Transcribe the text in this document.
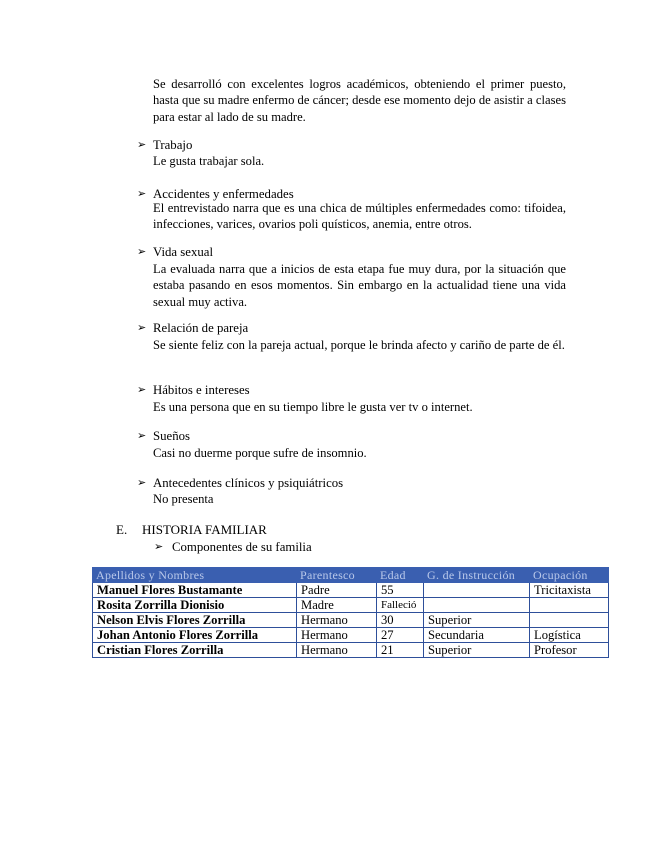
Se desarrolló con excelentes logros académicos, obteniendo el primer puesto, hasta que su madre enfermo de cáncer; desde ese momento dejo de asistir a clases para estar al lado de su madre.
➢ Trabajo
Le gusta trabajar sola.
➢ Accidentes y enfermedades
El entrevistado narra que es una chica de múltiples enfermedades como: tifoidea, infecciones, varices, ovarios poli quísticos, anemia, entre otros.
➢ Vida sexual
La evaluada narra que a inicios de esta etapa fue muy dura, por la situación que estaba pasando en esos momentos. Sin embargo en la actualidad tiene una vida sexual muy activa.
➢ Relación de pareja
Se siente feliz con la pareja actual, porque le brinda afecto y cariño de parte de él.
➢ Hábitos e intereses
Es una persona que en su tiempo libre le gusta ver tv o internet.
➢ Sueños
Casi no duerme porque sufre de insomnio.
➢ Antecedentes clínicos y psiquiátricos
No presenta
E. HISTORIA FAMILIAR
➢ Componentes de su familia
Apellidos y Nombres	Parentesco	Edad	G. de Instrucción	Ocupación
Manuel Flores Bustamante	Padre	55		Tricitaxista
Rosita Zorrilla Dionisio	Madre	Falleció		
Nelson Elvis Flores Zorrilla	Hermano	30	Superior	
Johan Antonio Flores Zorrilla	Hermano	27	Secundaria	Logística
Cristian Flores Zorrilla	Hermano	21	Superior	Profesor
